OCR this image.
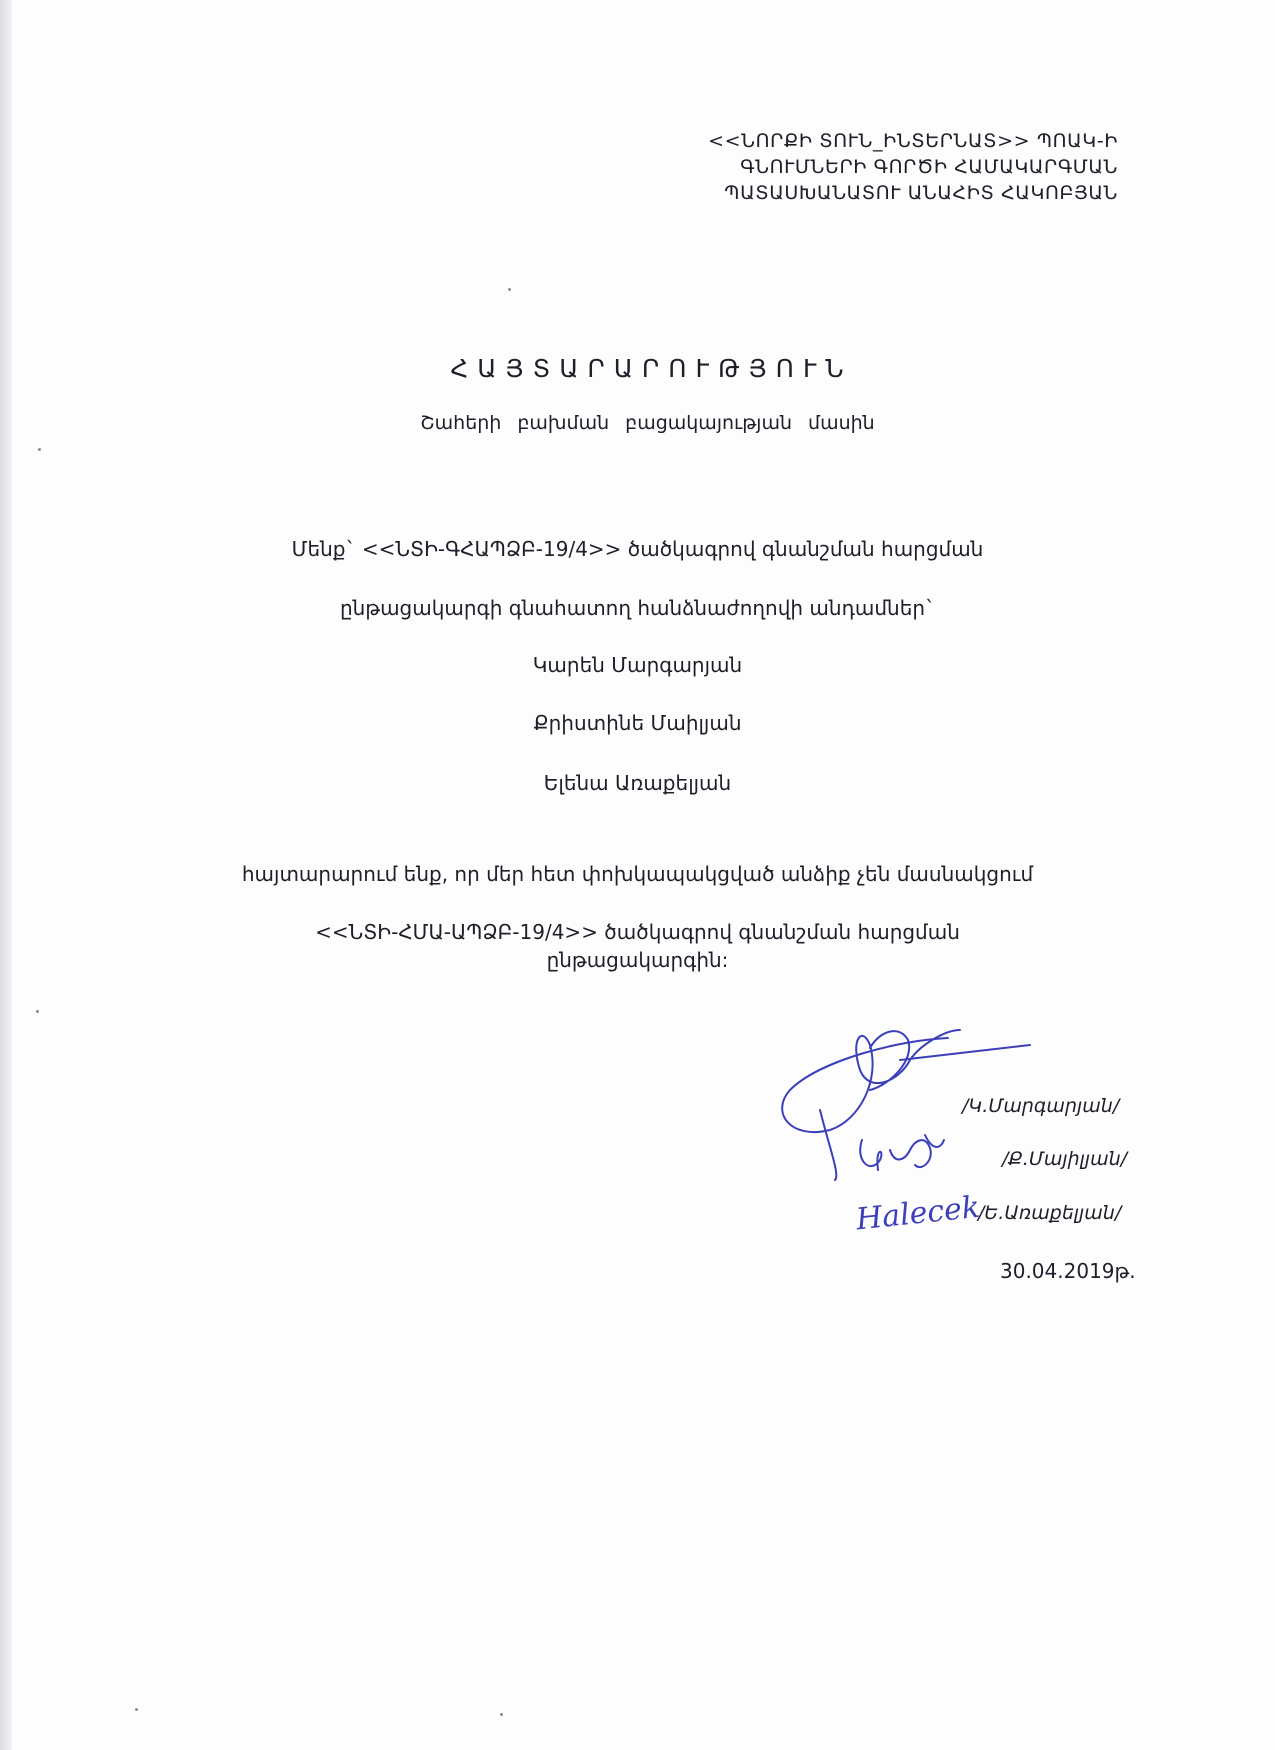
<<ՆՈՐՔԻ ՏՈՒՆ_ԻՆՏԵՐՆԱՏ>> ՊՈԱԿ-Ի
ԳՆՈՒՄՆԵՐԻ ԳՈՐԾԻ ՀԱՄԱԿԱՐԳՄԱՆ
ՊԱՏԱՍԽԱՆԱՏՈՒ ԱՆԱՀԻՏ ՀԱԿՈԲՅԱՆ
ՀԱՅՏԱՐԱՐՈՒԹՅՈՒՆ
Շահերի բախման բացակայության մասին
Մենք` <<ՆՏԻ-ԳՀԱՊՁԲ-19/4>> ծածկագրով գնանշման հարցման
ընթացակարգի գնահատող հանձնաժողովի անդամներ`
Կարեն Մարգարյան
Քրիստինե Մաիլյան
Ելենա Առաքելյան
հայտարարում ենք, որ մեր հետ փոխկապակցված անձիք չեն մասնակցում
<<ՆՏԻ-ՀՄԱ-ԱՊՁԲ-19/4>> ծածկագրով գնանշման հարցման
ընթացակարգին:
Halecek
/Կ.Մարգարյան/
/Ք.Մայիլյան/
/Ե.Առաքելյան/
30.04.2019թ.
